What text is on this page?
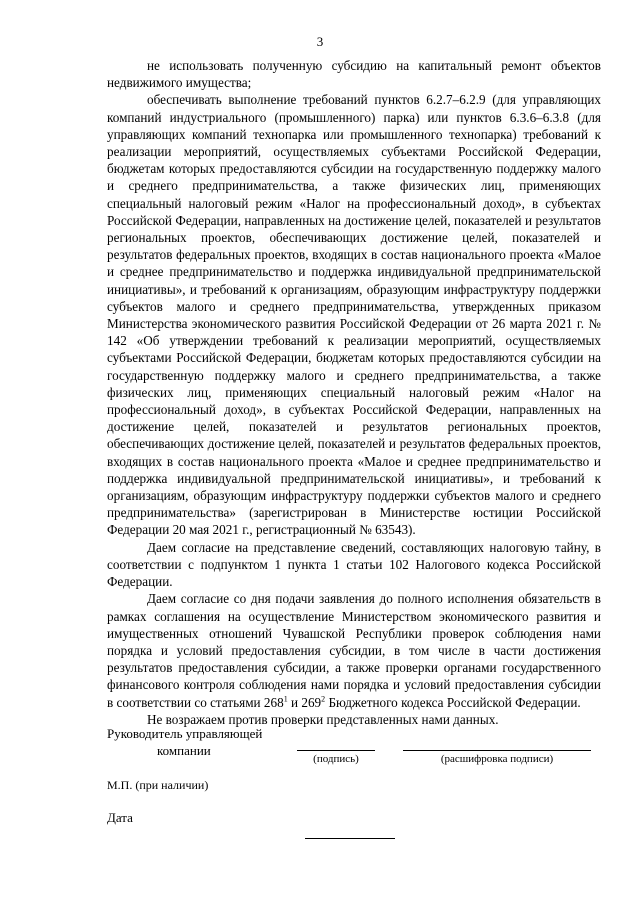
3

не использовать полученную субсидию на капитальный ремонт объектов недвижимого имущества;

обеспечивать выполнение требований пунктов 6.2.7–6.2.9 (для управляющих компаний индустриального (промышленного) парка) или пунктов 6.3.6–6.3.8 (для управляющих компаний технопарка или промышленного технопарка) требований к реализации мероприятий, осуществляемых субъектами Российской Федерации, бюджетам которых предоставляются субсидии на государственную поддержку малого и среднего предпринимательства, а также физических лиц, применяющих специальный налоговый режим «Налог на профессиональный доход», в субъектах Российской Федерации, направленных на достижение целей, показателей и результатов региональных проектов, обеспечивающих достижение целей, показателей и результатов федеральных проектов, входящих в состав национального проекта «Малое и среднее предпринимательство и поддержка индивидуальной предпринимательской инициативы», и требований к организациям, образующим инфраструктуру поддержки субъектов малого и среднего предпринимательства, утвержденных приказом Министерства экономического развития Российской Федерации от 26 марта 2021 г. № 142 «Об утверждении требований к реализации мероприятий, осуществляемых субъектами Российской Федерации, бюджетам которых предоставляются субсидии на государственную поддержку малого и среднего предпринимательства, а также физических лиц, применяющих специальный налоговый режим «Налог на профессиональный доход», в субъектах Российской Федерации, направленных на достижение целей, показателей и результатов региональных проектов, обеспечивающих достижение целей, показателей и результатов федеральных проектов, входящих в состав национального проекта «Малое и среднее предпринимательство и поддержка индивидуальной предпринимательской инициативы», и требований к организациям, образующим инфраструктуру поддержки субъектов малого и среднего предпринимательства» (зарегистрирован в Министерстве юстиции Российской Федерации 20 мая 2021 г., регистрационный № 63543).

Даем согласие на представление сведений, составляющих налоговую тайну, в соответствии с подпунктом 1 пункта 1 статьи 102 Налогового кодекса Российской Федерации.

Даем согласие со дня подачи заявления до полного исполнения обязательств в рамках соглашения на осуществление Министерством экономического развития и имущественных отношений Чувашской Республики проверок соблюдения нами порядка и условий предоставления субсидии, в том числе в части достижения результатов предоставления субсидии, а также проверки органами государственного финансового контроля соблюдения нами порядка и условий предоставления субсидии в соответствии со статьями $268^1$ и $269^2$ Бюджетного кодекса Российской Федерации.

Не возражаем против проверки представленных нами данных.

Руководитель управляющей
компании
(подпись)	(расшифровка подписи)
М.П. (при наличии)
Дата
